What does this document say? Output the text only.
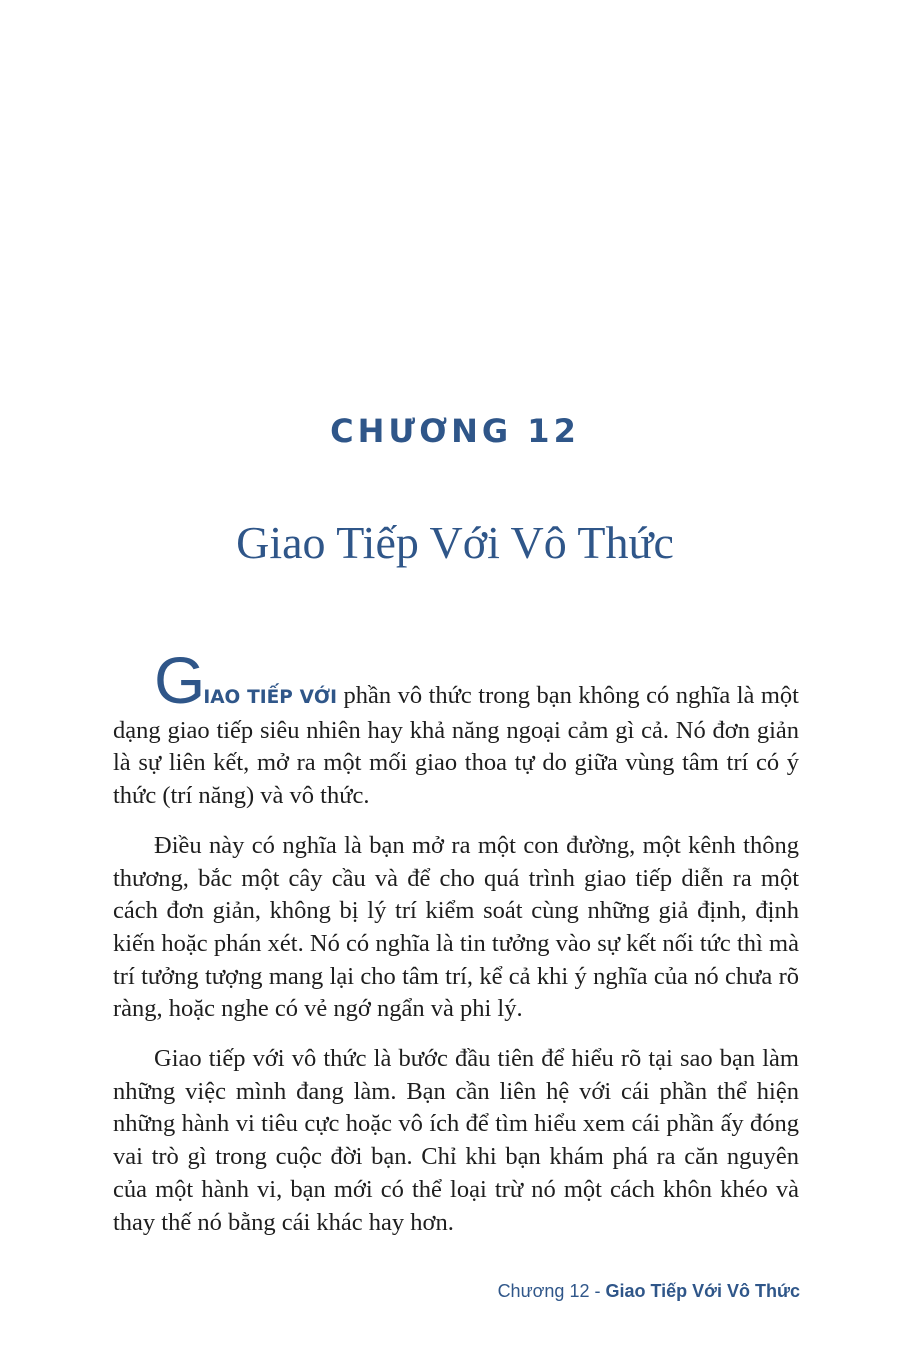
CHƯƠNG 12
Giao Tiếp Với Vô Thức

GIAO TIẾP VỚI phần vô thức trong bạn không có nghĩa là một dạng giao tiếp siêu nhiên hay khả năng ngoại cảm gì cả. Nó đơn giản là sự liên kết, mở ra một mối giao thoa tự do giữa vùng tâm trí có ý thức (trí năng) và vô thức.

Điều này có nghĩa là bạn mở ra một con đường, một kênh thông thương, bắc một cây cầu và để cho quá trình giao tiếp diễn ra một cách đơn giản, không bị lý trí kiểm soát cùng những giả định, định kiến hoặc phán xét. Nó có nghĩa là tin tưởng vào sự kết nối tức thì mà trí tưởng tượng mang lại cho tâm trí, kể cả khi ý nghĩa của nó chưa rõ ràng, hoặc nghe có vẻ ngớ ngẩn và phi lý.

Giao tiếp với vô thức là bước đầu tiên để hiểu rõ tại sao bạn làm những việc mình đang làm. Bạn cần liên hệ với cái phần thể hiện những hành vi tiêu cực hoặc vô ích để tìm hiểu xem cái phần ấy đóng vai trò gì trong cuộc đời bạn. Chỉ khi bạn khám phá ra căn nguyên của một hành vi, bạn mới có thể loại trừ nó một cách khôn khéo và thay thế nó bằng cái khác hay hơn.

Chương 12 - Giao Tiếp Với Vô Thức
